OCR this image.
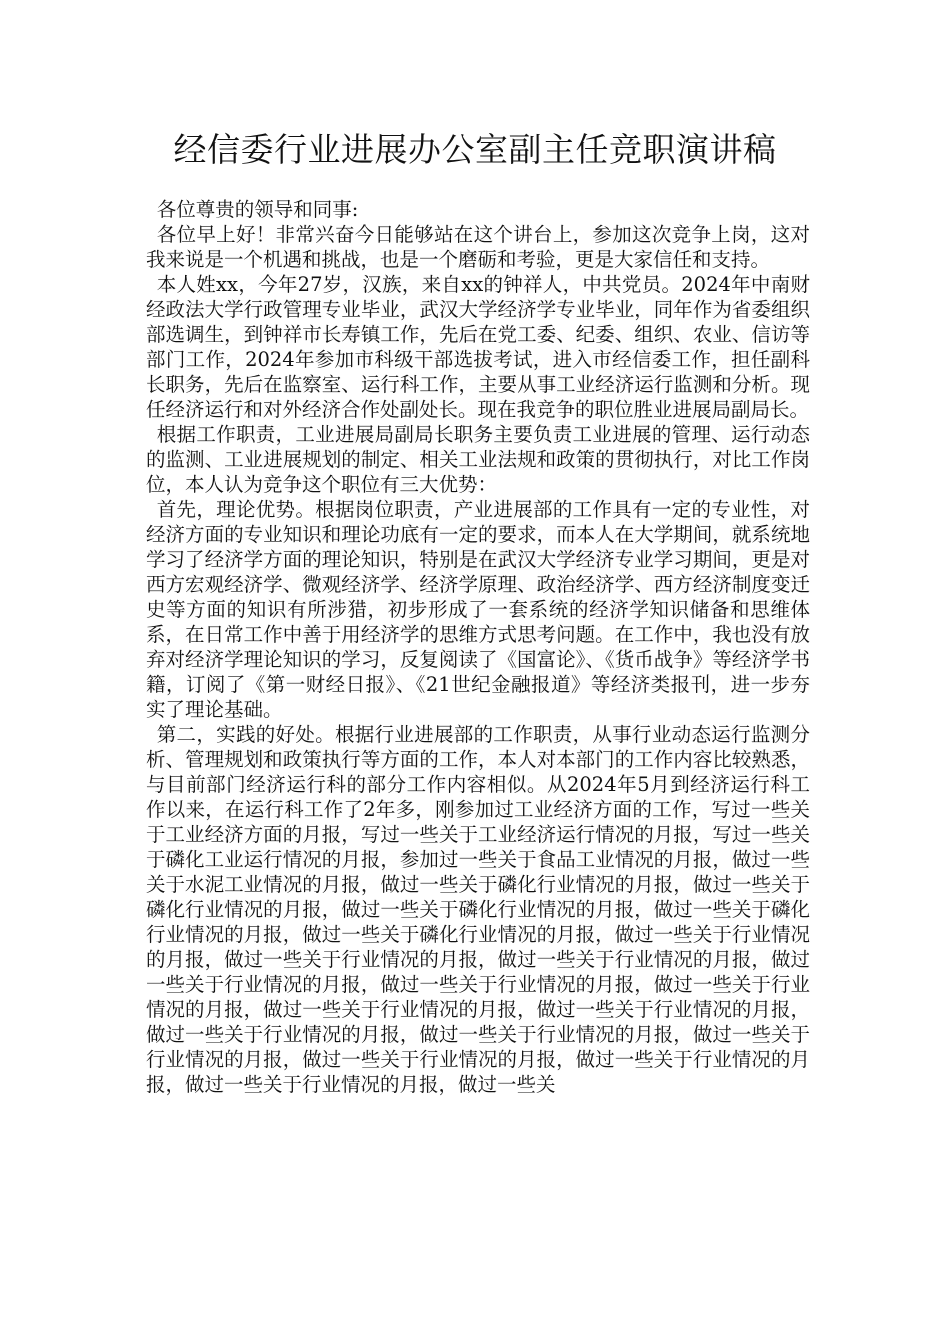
经信委行业进展办公室副主任竞职演讲稿

各位尊贵的领导和同事:

各位早上好！非常兴奋今日能够站在这个讲台上，参加这次竞争上岗，这对我来说是一个机遇和挑战，也是一个磨砺和考验，更是大家信任和支持。

本人姓xx，今年27岁，汉族，来自xx的钟祥人，中共党员。2024年中南财经政法大学行政管理专业毕业，武汉大学经济学专业毕业，同年作为省委组织部选调生，到钟祥市长寿镇工作，先后在党工委、纪委、组织、农业、信访等部门工作，2024年参加市科级干部选拔考试，进入市经信委工作，担任副科长职务，先后在监察室、运行科工作，主要从事工业经济运行监测和分析。现任经济运行和对外经济合作处副处长。现在我竞争的职位胜业进展局副局长。

根据工作职责，工业进展局副局长职务主要负责工业进展的管理、运行动态的监测、工业进展规划的制定、相关工业法规和政策的贯彻执行，对比工作岗位，本人认为竞争这个职位有三大优势：

首先，理论优势。根据岗位职责，产业进展部的工作具有一定的专业性，对经济方面的专业知识和理论功底有一定的要求，而本人在大学期间，就系统地学习了经济学方面的理论知识，特别是在武汉大学经济专业学习期间，更是对西方宏观经济学、微观经济学、经济学原理、政治经济学、西方经济制度变迁史等方面的知识有所涉猎，初步形成了一套系统的经济学知识储备和思维体系，在日常工作中善于用经济学的思维方式思考问题。在工作中，我也没有放弃对经济学理论知识的学习，反复阅读了《国富论》、《货币战争》等经济学书籍，订阅了《第一财经日报》、《21世纪金融报道》等经济类报刊，进一步夯实了理论基础。

第二，实践的好处。根据行业进展部的工作职责，从事行业动态运行监测分析、管理规划和政策执行等方面的工作，本人对本部门的工作内容比较熟悉，与目前部门经济运行科的部分工作内容相似。从2024年5月到经济运行科工作以来，在运行科工作了2年多，刚参加过工业经济方面的工作，写过一些关于工业经济方面的月报，写过一些关于工业经济运行情况的月报，写过一些关于磷化工业运行情况的月报，参加过一些关于食品工业情况的月报，做过一些关于水泥工业情况的月报，做过一些关于磷化行业情况的月报，做过一些关于磷化行业情况的月报，做过一些关于磷化行业情况的月报，做过一些关于磷化行业情况的月报，做过一些关于磷化行业情况的月报，做过一些关于行业情况的月报，做过一些关于行业情况的月报，做过一些关于行业情况的月报，做过一些关于行业情况的月报，做过一些关于行业情况的月报，做过一些关于行业情况的月报，做过一些关于行业情况的月报，做过一些关于行业情况的月报，做过一些关于行业情况的月报，做过一些关于行业情况的月报，做过一些关于行业情况的月报，做过一些关于行业情况的月报，做过一些关于行业情况的月报，做过一些关于行业情况的月报，做过一些关
